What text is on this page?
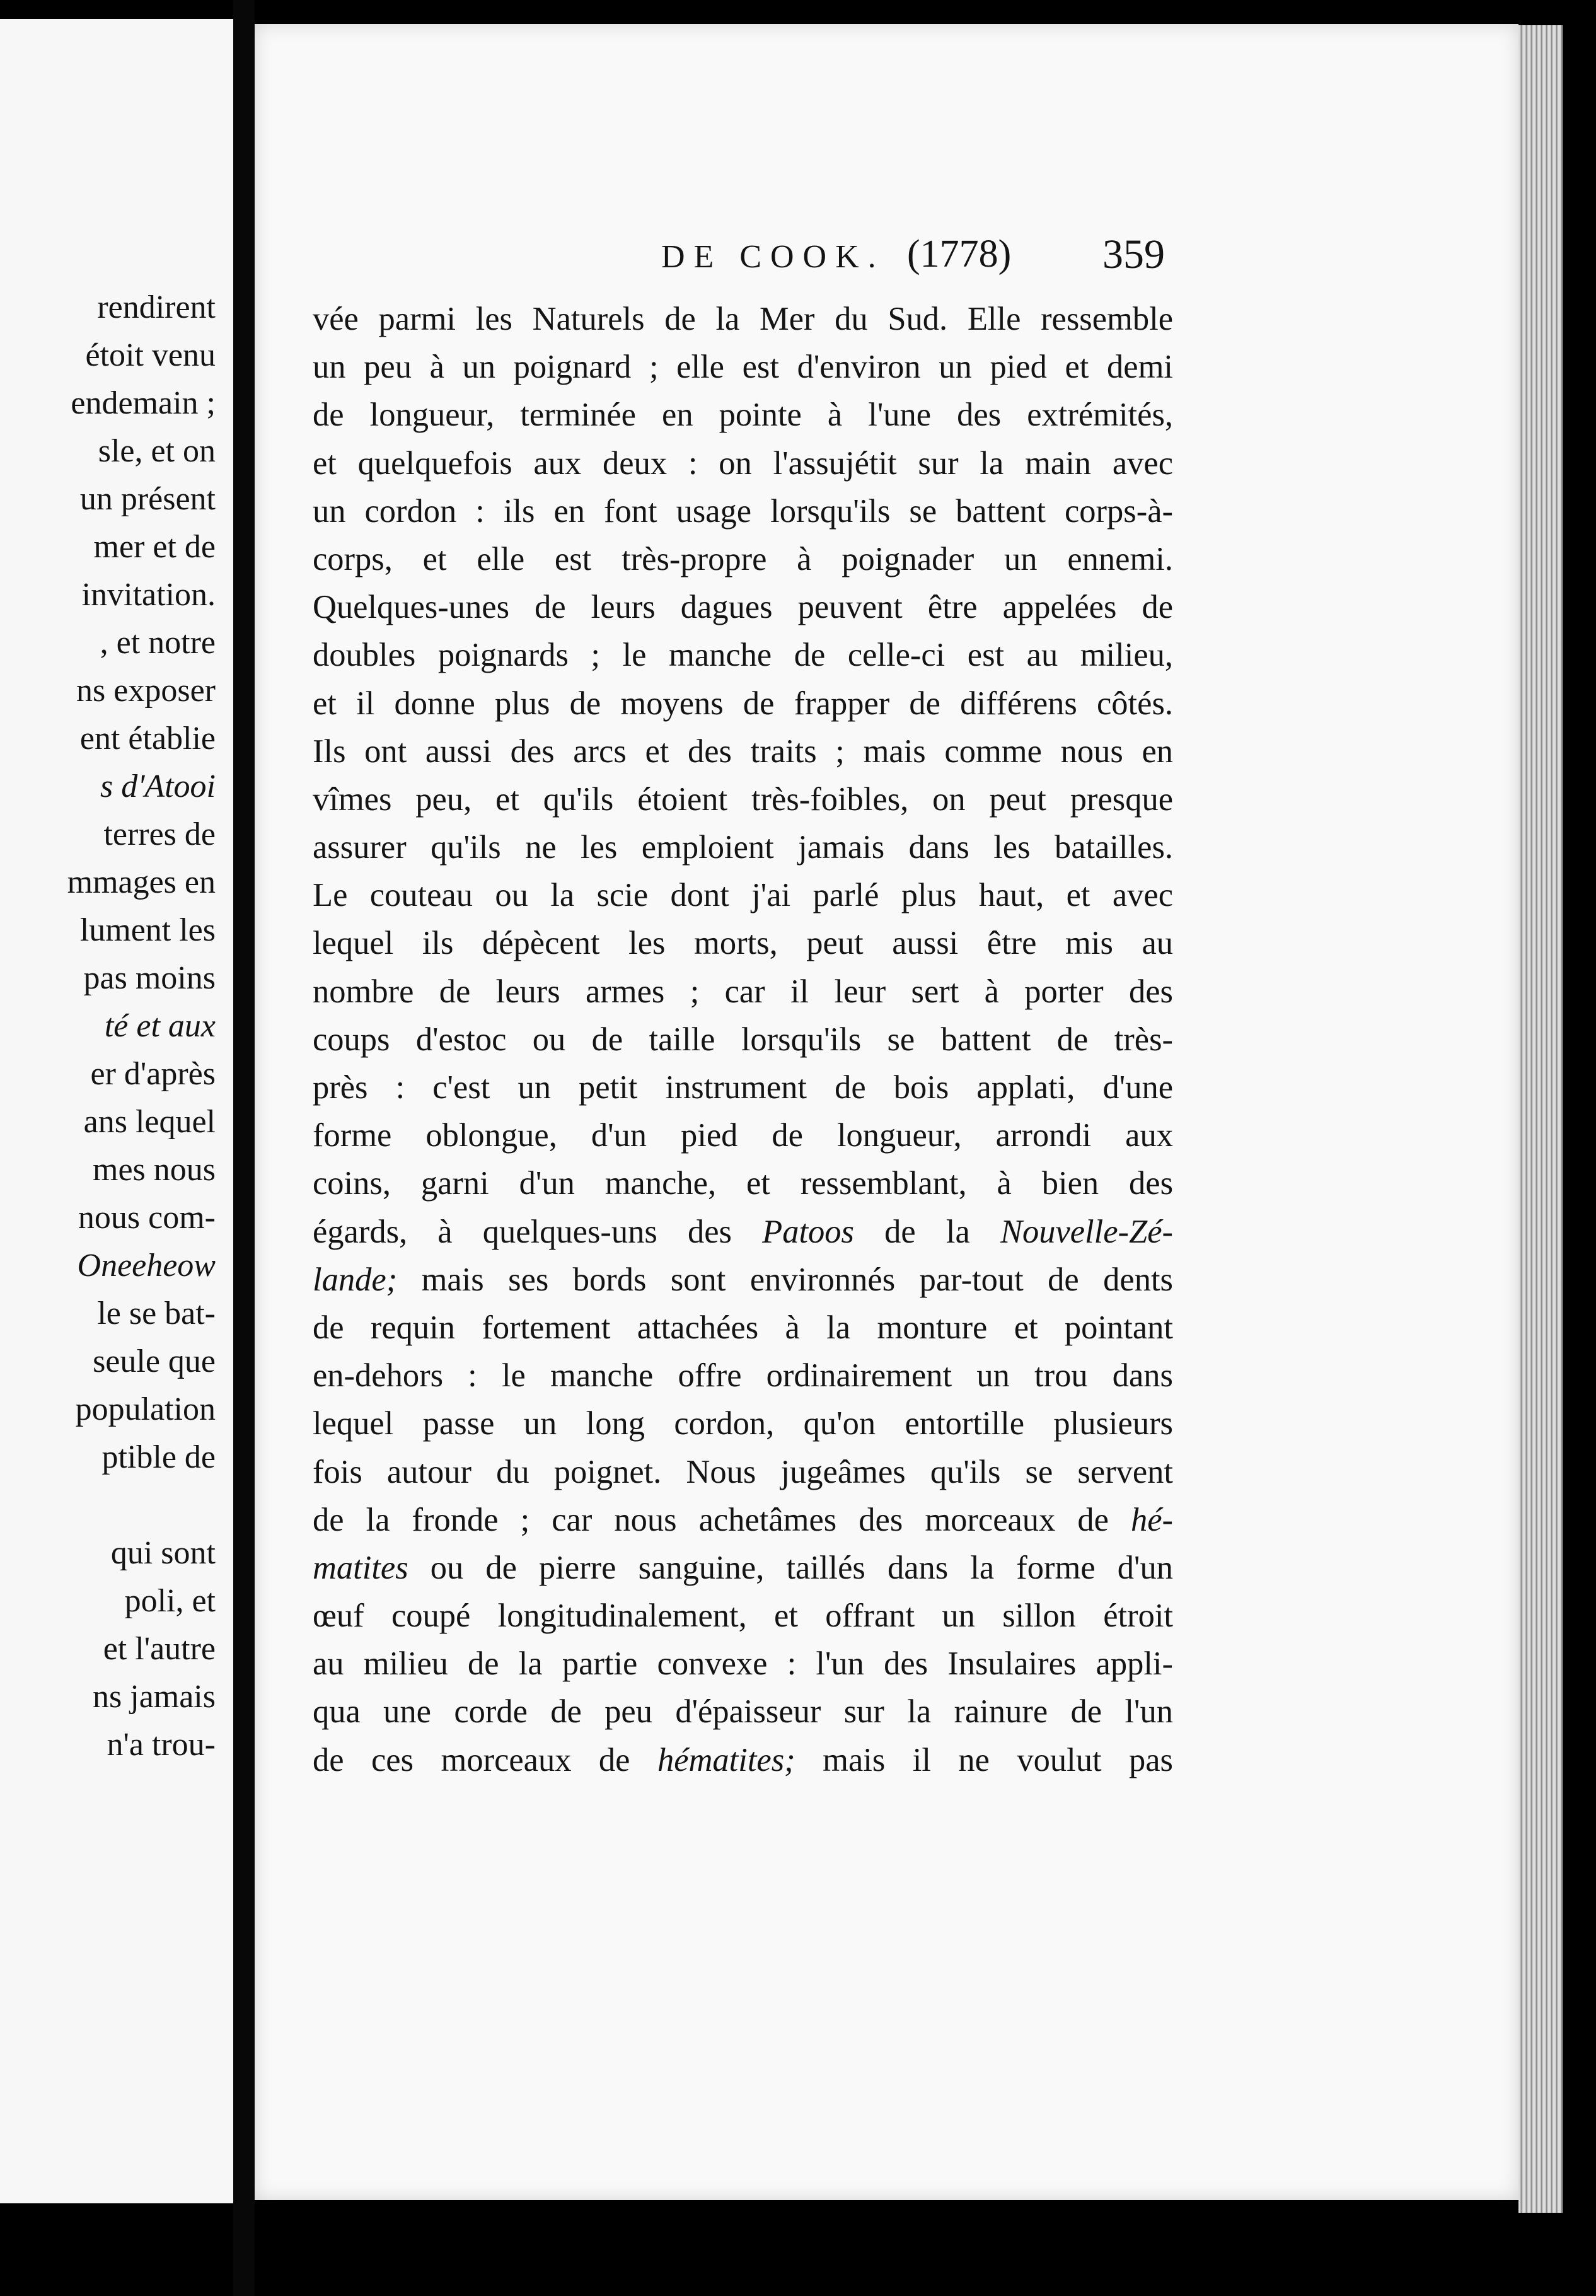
rendirent
étoit venu
endemain ;
sle, et on
un présent
mer et de
invitation.
, et notre
ns exposer
ent établie
s d'Atooi
terres de
mmages en
lument les
pas moins
té et aux
er d'après
ans lequel
mes nous
nous com-
Oneeheow
le se bat-
seule que
population
ptible de
qui sont
poli, et
et l'autre
ns jamais
n'a trou-
DE COOK. (1778) 359
vée parmi les Naturels de la Mer du Sud. Elle ressemble
un peu à un poignard ; elle est d'environ un pied et demi
de longueur, terminée en pointe à l'une des extrémités,
et quelquefois aux deux : on l'assujétit sur la main avec
un cordon : ils en font usage lorsqu'ils se battent corps-à-
corps, et elle est très-propre à poignader un ennemi.
Quelques-unes de leurs dagues peuvent être appelées de
doubles poignards ; le manche de celle-ci est au milieu,
et il donne plus de moyens de frapper de différens côtés.
Ils ont aussi des arcs et des traits ; mais comme nous en
vîmes peu, et qu'ils étoient très-foibles, on peut presque
assurer qu'ils ne les emploient jamais dans les batailles.
Le couteau ou la scie dont j'ai parlé plus haut, et avec
lequel ils dépècent les morts, peut aussi être mis au
nombre de leurs armes ; car il leur sert à porter des
coups d'estoc ou de taille lorsqu'ils se battent de très-
près : c'est un petit instrument de bois applati, d'une
forme oblongue, d'un pied de longueur, arrondi aux
coins, garni d'un manche, et ressemblant, à bien des
égards, à quelques-uns des Patoos de la Nouvelle-Zé-
lande; mais ses bords sont environnés par-tout de dents
de requin fortement attachées à la monture et pointant
en-dehors : le manche offre ordinairement un trou dans
lequel passe un long cordon, qu'on entortille plusieurs
fois autour du poignet. Nous jugeâmes qu'ils se servent
de la fronde ; car nous achetâmes des morceaux de hé-
matites ou de pierre sanguine, taillés dans la forme d'un
œuf coupé longitudinalement, et offrant un sillon étroit
au milieu de la partie convexe : l'un des Insulaires appli-
qua une corde de peu d'épaisseur sur la rainure de l'un
de ces morceaux de hématites; mais il ne voulut pas
